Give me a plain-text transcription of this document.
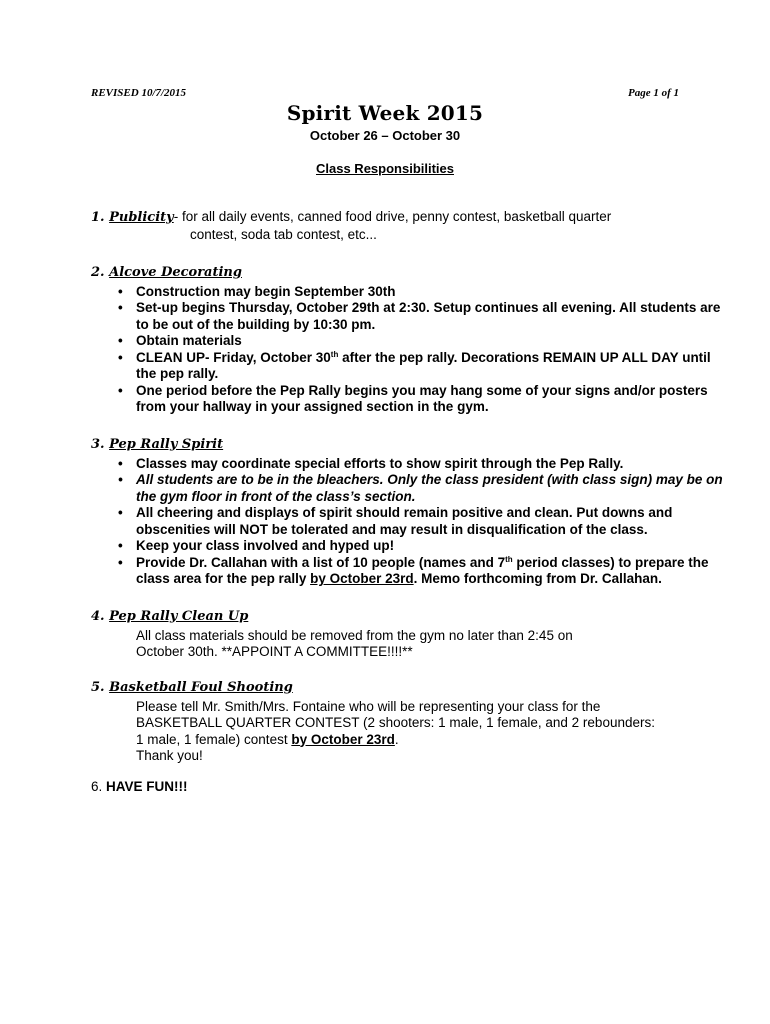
REVISED 10/7/2015	Page 1 of 1
Spirit Week 2015
October 26 – October 30
Class Responsibilities
1. Publicity- for all daily events, canned food drive, penny contest, basketball quarter
contest, soda tab contest, etc...
2. Alcove Decorating
• Construction may begin September 30th
• Set-up begins Thursday, October 29th at 2:30. Setup continues all evening. All students are to be out of the building by 10:30 pm.
• Obtain materials
• CLEAN UP- Friday, October 30th after the pep rally. Decorations REMAIN UP ALL DAY until the pep rally.
• One period before the Pep Rally begins you may hang some of your signs and/or posters from your hallway in your assigned section in the gym.
3. Pep Rally Spirit
• Classes may coordinate special efforts to show spirit through the Pep Rally.
• All students are to be in the bleachers. Only the class president (with class sign) may be on the gym floor in front of the class’s section.
• All cheering and displays of spirit should remain positive and clean. Put downs and obscenities will NOT be tolerated and may result in disqualification of the class.
• Keep your class involved and hyped up!
• Provide Dr. Callahan with a list of 10 people (names and 7th period classes) to prepare the class area for the pep rally by October 23rd. Memo forthcoming from Dr. Callahan.
4. Pep Rally Clean Up
All class materials should be removed from the gym no later than 2:45 on
October 30th. **APPOINT A COMMITTEE!!!!**
5. Basketball Foul Shooting
Please tell Mr. Smith/Mrs. Fontaine who will be representing your class for the
BASKETBALL QUARTER CONTEST (2 shooters: 1 male, 1 female, and 2 rebounders:
1 male, 1 female) contest by October 23rd.
Thank you!
6. HAVE FUN!!!
